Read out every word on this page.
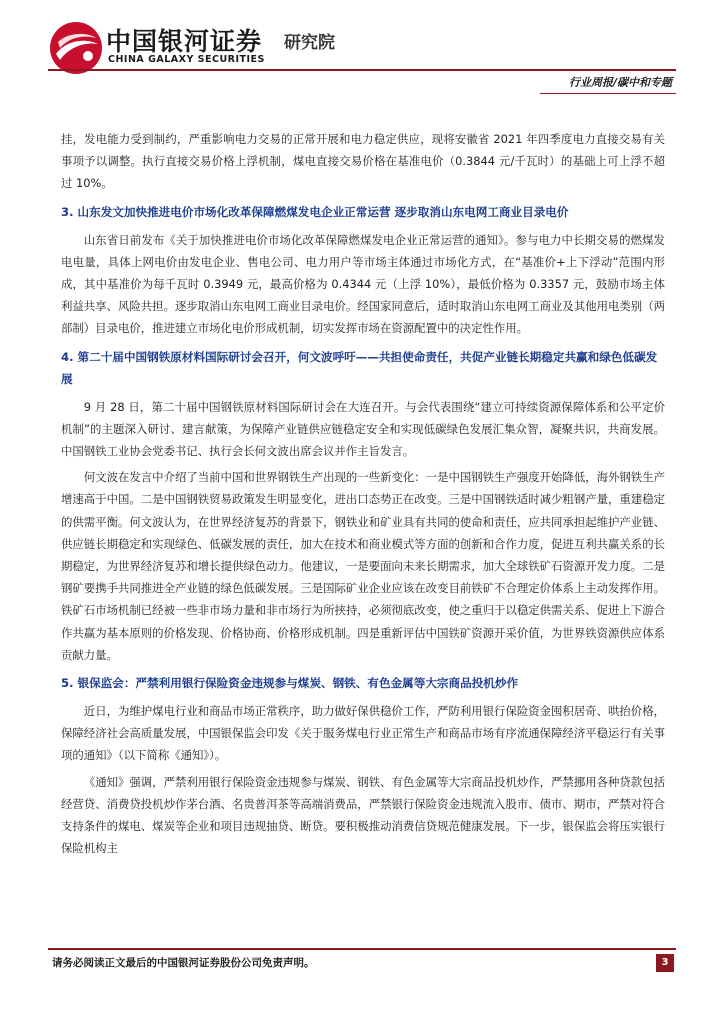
中国银河证券
CHINA GALAXY SECURITIES
研究院
行业周报/碳中和专题

挂，发电能力受到制约，严重影响电力交易的正常开展和电力稳定供应，现将安徽省 2021 年四季度电力直接交易有关事项予以调整。执行直接交易价格上浮机制，煤电直接交易价格在基准电价（0.3844 元/千瓦时）的基础上可上浮不超过 10%。

3. 山东发文加快推进电价市场化改革保障燃煤发电企业正常运营 逐步取消山东电网工商业目录电价

山东省日前发布《关于加快推进电价市场化改革保障燃煤发电企业正常运营的通知》。参与电力中长期交易的燃煤发电电量，具体上网电价由发电企业、售电公司、电力用户等市场主体通过市场化方式，在“基准价+上下浮动”范围内形成，其中基准价为每千瓦时 0.3949 元，最高价格为 0.4344 元（上浮 10%），最低价格为 0.3357 元，鼓励市场主体利益共享、风险共担。逐步取消山东电网工商业目录电价。经国家同意后，适时取消山东电网工商业及其他用电类别（两部制）目录电价，推进建立市场化电价形成机制，切实发挥市场在资源配置中的决定性作用。

4. 第二十届中国钢铁原材料国际研讨会召开，何文波呼吁——共担使命责任，共促产业链长期稳定共赢和绿色低碳发展

9 月 28 日，第二十届中国钢铁原材料国际研讨会在大连召开。与会代表围绕“建立可持续资源保障体系和公平定价机制”的主题深入研讨、建言献策，为保障产业链供应链稳定安全和实现低碳绿色发展汇集众智，凝聚共识，共商发展。中国钢铁工业协会党委书记、执行会长何文波出席会议并作主旨发言。

何文波在发言中介绍了当前中国和世界钢铁生产出现的一些新变化：一是中国钢铁生产强度开始降低，海外钢铁生产增速高于中国。二是中国钢铁贸易政策发生明显变化，进出口态势正在改变。三是中国钢铁适时减少粗钢产量，重建稳定的供需平衡。何文波认为，在世界经济复苏的背景下，钢铁业和矿业具有共同的使命和责任，应共同承担起维护产业链、供应链长期稳定和实现绿色、低碳发展的责任，加大在技术和商业模式等方面的创新和合作力度，促进互利共赢关系的长期稳定，为世界经济复苏和增长提供绿色动力。他建议，一是要面向未来长期需求，加大全球铁矿石资源开发力度。二是钢矿要携手共同推进全产业链的绿色低碳发展。三是国际矿业企业应该在改变目前铁矿不合理定价体系上主动发挥作用。铁矿石市场机制已经被一些非市场力量和非市场行为所挟持，必须彻底改变，使之重归于以稳定供需关系、促进上下游合作共赢为基本原则的价格发现、价格协商、价格形成机制。四是重新评估中国铁矿资源开采价值，为世界铁资源供应体系贡献力量。

5. 银保监会：严禁利用银行保险资金违规参与煤炭、钢铁、有色金属等大宗商品投机炒作

近日，为维护煤电行业和商品市场正常秩序，助力做好保供稳价工作，严防利用银行保险资金囤积居奇、哄抬价格，保障经济社会高质量发展，中国银保监会印发《关于服务煤电行业正常生产和商品市场有序流通保障经济平稳运行有关事项的通知》（以下简称《通知》）。

《通知》强调，严禁利用银行保险资金违规参与煤炭、钢铁、有色金属等大宗商品投机炒作，严禁挪用各种贷款包括经营贷、消费贷投机炒作茅台酒、名贵普洱茶等高端消费品，严禁银行保险资金违规流入股市、债市、期市，严禁对符合支持条件的煤电、煤炭等企业和项目违规抽贷、断贷。要积极推动消费信贷规范健康发展。下一步，银保监会将压实银行保险机构主

请务必阅读正文最后的中国银河证券股份公司免责声明。	3
